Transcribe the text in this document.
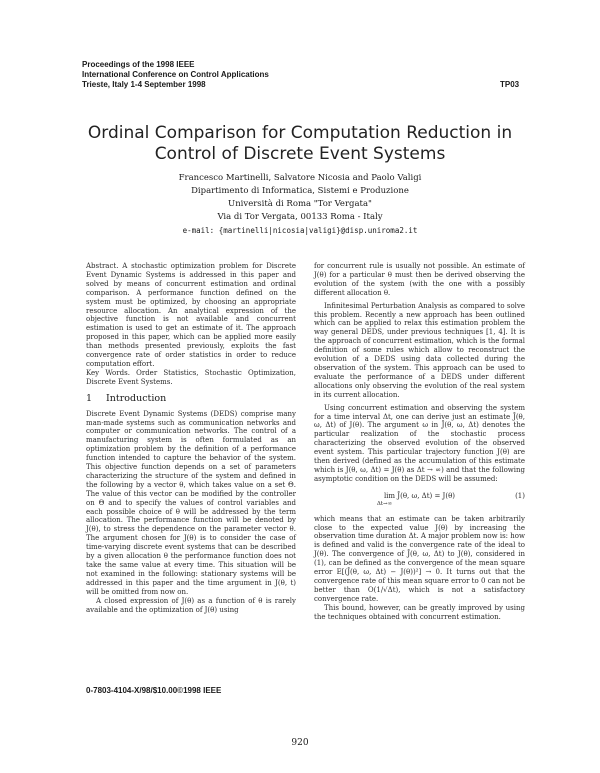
Proceedings of the 1998 IEEE
International Conference on Control Applications
Trieste, Italy 1-4 September 1998	TP03
Ordinal Comparison for Computation Reduction in
Control of Discrete Event Systems
Francesco Martinelli, Salvatore Nicosia and Paolo Valigi
Dipartimento di Informatica, Sistemi e Produzione
Università di Roma "Tor Vergata"
Via di Tor Vergata, 00133 Roma - Italy
e-mail: {martinelli|nicosia|valigi}@disp.uniroma2.it

Abstract. A stochastic optimization problem for Discrete Event Dynamic Systems is addressed in this paper and solved by means of concurrent estimation and ordinal comparison. A performance function defined on the system must be optimized, by choosing an appropriate resource allocation. An analytical expression of the objective function is not available and concurrent estimation is used to get an estimate of it. The approach proposed in this paper, which can be applied more easily than methods presented previously, exploits the fast convergence rate of order statistics in order to reduce computation effort.

Key Words. Order Statistics, Stochastic Optimization, Discrete Event Systems.

1 Introduction

Discrete Event Dynamic Systems (DEDS) comprise many man-made systems such as communication networks and computer or communication networks. The control of a manufacturing system is often formulated as an optimization problem by the definition of a performance function intended to capture the behavior of the system. This objective function depends on a set of parameters characterizing the structure of the system and defined in the following by a vector θ, which takes value on a set Θ. The value of this vector can be modified by the controller on Θ and to specify the values of control variables and each possible choice of θ will be addressed by the term allocation. The performance function will be denoted by J(θ), to stress the dependence on the parameter vector θ. The argument chosen for J(θ) is to consider the case of time-varying discrete event systems that can be described by a given allocation θ the performance function does not take the same value at every time. This situation will be not examined in the following: stationary systems will be addressed in this paper and the time argument in J(θ, t) will be omitted from now on.

A closed expression of J(θ) as a function of θ is rarely available and the optimization of J(θ) using

for concurrent rule is usually not possible. An estimate of J(θ) for a particular θ must then be derived observing the evolution of the system (with the one with a possibly different allocation θ.

Infinitesimal Perturbation Analysis as compared to solve this problem. Recently a new approach has been outlined which can be applied to relax this estimation problem the way general DEDS, under previous techniques [1, 4]. It is the approach of concurrent estimation, which is the formal definition of some rules which allow to reconstruct the evolution of a DEDS using data collected during the observation of the system. This approach can be used to evaluate the performance of a DEDS under different allocations only observing the evolution of the real system in its current allocation.

Using concurrent estimation and observing the system for a time interval Δt, one can derive just an estimate Ĵ(θ, ω, Δt) of J(θ). The argument ω in Ĵ(θ, ω, Δt) denotes the particular realization of the stochastic process characterizing the observed evolution of the observed event system. This particular trajectory function J(θ) are then derived (defined as the accumulation of this estimate which is J(θ, ω, Δt) = J(θ) as Δt → ∞) and that the following asymptotic condition on the DEDS will be assumed:

lim Ĵ(θ, ω, Δt) = J(θ)	(1)
Δt→∞

which means that an estimate can be taken arbitrarily close to the expected value J(θ) by increasing the observation time duration Δt. A major problem now is: how is defined and valid is the convergence rate of the ideal to J(θ). The convergence of Ĵ(θ, ω, Δt) to J(θ), considered in (1), can be defined as the convergence of the mean square error E[(Ĵ(θ, ω, Δt) − J(θ))²] → 0. It turns out that the convergence rate of this mean square error to 0 can not be better than O(1/√Δt), which is not a satisfactory convergence rate.

This bound, however, can be greatly improved by using the techniques obtained with concurrent estimation.

0-7803-4104-X/98/$10.00©1998 IEEE
920
